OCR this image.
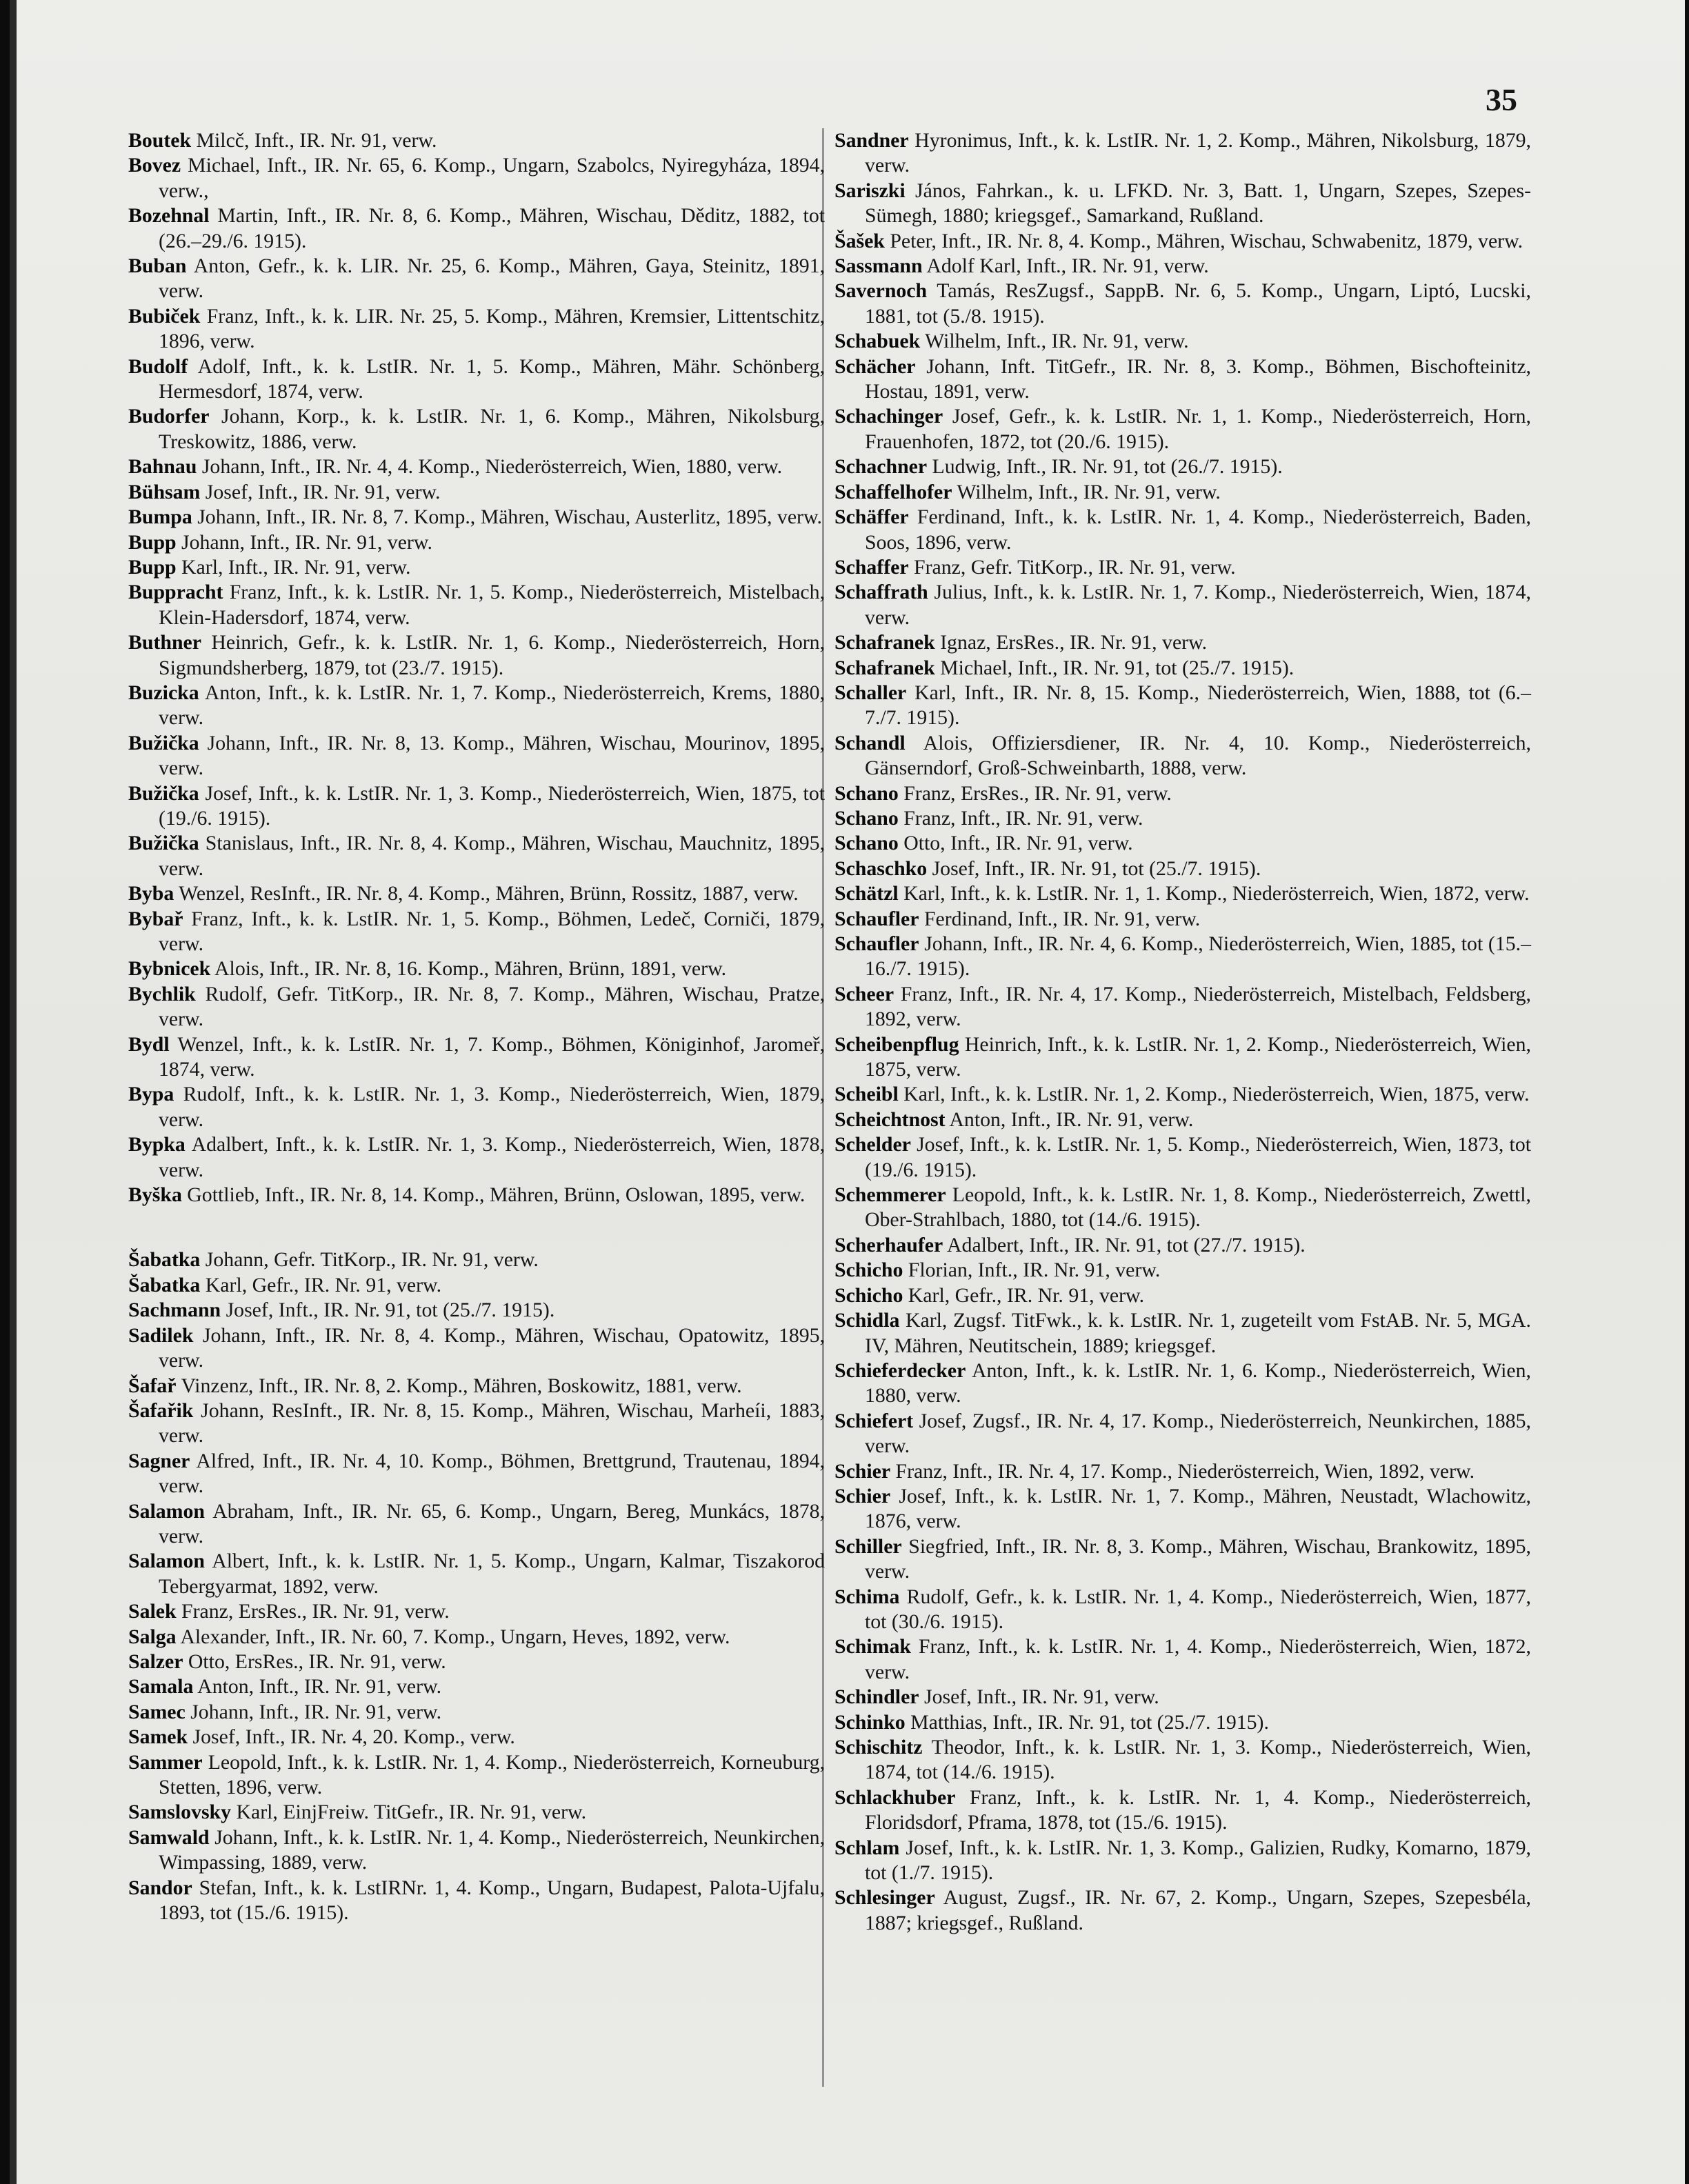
35
Boutek Milcč, Inft., IR. Nr. 91, verw.
Bovez Michael, Inft., IR. Nr. 65, 6. Komp., Ungarn, Szabolcs, Nyiregyháza, 1894, verw.,
Bozehnal Martin, Inft., IR. Nr. 8, 6. Komp., Mähren, Wischau, Děditz, 1882, tot (26.–29./6. 1915).
Buban Anton, Gefr., k. k. LIR. Nr. 25, 6. Komp., Mähren, Gaya, Steinitz, 1891, verw.
Bubiček Franz, Inft., k. k. LIR. Nr. 25, 5. Komp., Mähren, Kremsier, Littentschitz, 1896, verw.
Budolf Adolf, Inft., k. k. LstIR. Nr. 1, 5. Komp., Mähren, Mähr. Schönberg, Hermesdorf, 1874, verw.
Budorfer Johann, Korp., k. k. LstIR. Nr. 1, 6. Komp., Mähren, Nikolsburg, Treskowitz, 1886, verw.
Bahnau Johann, Inft., IR. Nr. 4, 4. Komp., Niederösterreich, Wien, 1880, verw.
Bühsam Josef, Inft., IR. Nr. 91, verw.
Bumpa Johann, Inft., IR. Nr. 8, 7. Komp., Mähren, Wischau, Austerlitz, 1895, verw.
Bupp Johann, Inft., IR. Nr. 91, verw.
Bupp Karl, Inft., IR. Nr. 91, verw.
Buppracht Franz, Inft., k. k. LstIR. Nr. 1, 5. Komp., Niederösterreich, Mistelbach, Klein-Hadersdorf, 1874, verw.
Buthner Heinrich, Gefr., k. k. LstIR. Nr. 1, 6. Komp., Niederösterreich, Horn, Sigmundsherberg, 1879, tot (23./7. 1915).
Buzicka Anton, Inft., k. k. LstIR. Nr. 1, 7. Komp., Niederösterreich, Krems, 1880, verw.
Bužička Johann, Inft., IR. Nr. 8, 13. Komp., Mähren, Wischau, Mourinov, 1895, verw.
Bužička Josef, Inft., k. k. LstIR. Nr. 1, 3. Komp., Niederösterreich, Wien, 1875, tot (19./6. 1915).
Bužička Stanislaus, Inft., IR. Nr. 8, 4. Komp., Mähren, Wischau, Mauchnitz, 1895, verw.
Byba Wenzel, ResInft., IR. Nr. 8, 4. Komp., Mähren, Brünn, Rossitz, 1887, verw.
Bybař Franz, Inft., k. k. LstIR. Nr. 1, 5. Komp., Böhmen, Ledeč, Corniči, 1879, verw.
Bybnicek Alois, Inft., IR. Nr. 8, 16. Komp., Mähren, Brünn, 1891, verw.
Bychlik Rudolf, Gefr. TitKorp., IR. Nr. 8, 7. Komp., Mähren, Wischau, Pratze, verw.
Bydl Wenzel, Inft., k. k. LstIR. Nr. 1, 7. Komp., Böhmen, Königinhof, Jaromeř, 1874, verw.
Bypa Rudolf, Inft., k. k. LstIR. Nr. 1, 3. Komp., Niederösterreich, Wien, 1879, verw.
Bypka Adalbert, Inft., k. k. LstIR. Nr. 1, 3. Komp., Niederösterreich, Wien, 1878, verw.
Byška Gottlieb, Inft., IR. Nr. 8, 14. Komp., Mähren, Brünn, Oslowan, 1895, verw.
Šabatka Johann, Gefr. TitKorp., IR. Nr. 91, verw.
Šabatka Karl, Gefr., IR. Nr. 91, verw.
Sachmann Josef, Inft., IR. Nr. 91, tot (25./7. 1915).
Sadilek Johann, Inft., IR. Nr. 8, 4. Komp., Mähren, Wischau, Opatowitz, 1895, verw.
Šafař Vinzenz, Inft., IR. Nr. 8, 2. Komp., Mähren, Boskowitz, 1881, verw.
Šafařik Johann, ResInft., IR. Nr. 8, 15. Komp., Mähren, Wischau, Marheíi, 1883, verw.
Sagner Alfred, Inft., IR. Nr. 4, 10. Komp., Böhmen, Brettgrund, Trautenau, 1894, verw.
Salamon Abraham, Inft., IR. Nr. 65, 6. Komp., Ungarn, Bereg, Munkács, 1878, verw.
Salamon Albert, Inft., k. k. LstIR. Nr. 1, 5. Komp., Ungarn, Kalmar, Tiszakorod Tebergyarmat, 1892, verw.
Salek Franz, ErsRes., IR. Nr. 91, verw.
Salga Alexander, Inft., IR. Nr. 60, 7. Komp., Ungarn, Heves, 1892, verw.
Salzer Otto, ErsRes., IR. Nr. 91, verw.
Samala Anton, Inft., IR. Nr. 91, verw.
Samec Johann, Inft., IR. Nr. 91, verw.
Samek Josef, Inft., IR. Nr. 4, 20. Komp., verw.
Sammer Leopold, Inft., k. k. LstIR. Nr. 1, 4. Komp., Niederösterreich, Korneuburg, Stetten, 1896, verw.
Samslovsky Karl, EinjFreiw. TitGefr., IR. Nr. 91, verw.
Samwald Johann, Inft., k. k. LstIR. Nr. 1, 4. Komp., Niederösterreich, Neunkirchen, Wimpassing, 1889, verw.
Sandor Stefan, Inft., k. k. LstIRNr. 1, 4. Komp., Ungarn, Budapest, Palota-Ujfalu, 1893, tot (15./6. 1915).
Sandner Hyronimus, Inft., k. k. LstIR. Nr. 1, 2. Komp., Mähren, Nikolsburg, 1879, verw.
Sariszki János, Fahrkan., k. u. LFKD. Nr. 3, Batt. 1, Ungarn, Szepes, Szepes-Sümegh, 1880; kriegsgef., Samarkand, Rußland.
Šašek Peter, Inft., IR. Nr. 8, 4. Komp., Mähren, Wischau, Schwabenitz, 1879, verw.
Sassmann Adolf Karl, Inft., IR. Nr. 91, verw.
Savernoch Tamás, ResZugsf., SappB. Nr. 6, 5. Komp., Ungarn, Liptó, Lucski, 1881, tot (5./8. 1915).
Schabuek Wilhelm, Inft., IR. Nr. 91, verw.
Schächer Johann, Inft. TitGefr., IR. Nr. 8, 3. Komp., Böhmen, Bischofteinitz, Hostau, 1891, verw.
Schachinger Josef, Gefr., k. k. LstIR. Nr. 1, 1. Komp., Niederösterreich, Horn, Frauenhofen, 1872, tot (20./6. 1915).
Schachner Ludwig, Inft., IR. Nr. 91, tot (26./7. 1915).
Schaffelhofer Wilhelm, Inft., IR. Nr. 91, verw.
Schäffer Ferdinand, Inft., k. k. LstIR. Nr. 1, 4. Komp., Niederösterreich, Baden, Soos, 1896, verw.
Schaffer Franz, Gefr. TitKorp., IR. Nr. 91, verw.
Schaffrath Julius, Inft., k. k. LstIR. Nr. 1, 7. Komp., Niederösterreich, Wien, 1874, verw.
Schafranek Ignaz, ErsRes., IR. Nr. 91, verw.
Schafranek Michael, Inft., IR. Nr. 91, tot (25./7. 1915).
Schaller Karl, Inft., IR. Nr. 8, 15. Komp., Niederösterreich, Wien, 1888, tot (6.–7./7. 1915).
Schandl Alois, Offiziersdiener, IR. Nr. 4, 10. Komp., Niederösterreich, Gänserndorf, Groß-Schweinbarth, 1888, verw.
Schano Franz, ErsRes., IR. Nr. 91, verw.
Schano Franz, Inft., IR. Nr. 91, verw.
Schano Otto, Inft., IR. Nr. 91, verw.
Schaschko Josef, Inft., IR. Nr. 91, tot (25./7. 1915).
Schätzl Karl, Inft., k. k. LstIR. Nr. 1, 1. Komp., Niederösterreich, Wien, 1872, verw.
Schaufler Ferdinand, Inft., IR. Nr. 91, verw.
Schaufler Johann, Inft., IR. Nr. 4, 6. Komp., Niederösterreich, Wien, 1885, tot (15.–16./7. 1915).
Scheer Franz, Inft., IR. Nr. 4, 17. Komp., Niederösterreich, Mistelbach, Feldsberg, 1892, verw.
Scheibenpflug Heinrich, Inft., k. k. LstIR. Nr. 1, 2. Komp., Niederösterreich, Wien, 1875, verw.
Scheibl Karl, Inft., k. k. LstIR. Nr. 1, 2. Komp., Niederösterreich, Wien, 1875, verw.
Scheichtnost Anton, Inft., IR. Nr. 91, verw.
Schelder Josef, Inft., k. k. LstIR. Nr. 1, 5. Komp., Niederösterreich, Wien, 1873, tot (19./6. 1915).
Schemmerer Leopold, Inft., k. k. LstIR. Nr. 1, 8. Komp., Niederösterreich, Zwettl, Ober-Strahlbach, 1880, tot (14./6. 1915).
Scherhaufer Adalbert, Inft., IR. Nr. 91, tot (27./7. 1915).
Schicho Florian, Inft., IR. Nr. 91, verw.
Schicho Karl, Gefr., IR. Nr. 91, verw.
Schidla Karl, Zugsf. TitFwk., k. k. LstIR. Nr. 1, zugeteilt vom FstAB. Nr. 5, MGA. IV, Mähren, Neutitschein, 1889; kriegsgef.
Schieferdecker Anton, Inft., k. k. LstIR. Nr. 1, 6. Komp., Niederösterreich, Wien, 1880, verw.
Schiefert Josef, Zugsf., IR. Nr. 4, 17. Komp., Niederösterreich, Neunkirchen, 1885, verw.
Schier Franz, Inft., IR. Nr. 4, 17. Komp., Niederösterreich, Wien, 1892, verw.
Schier Josef, Inft., k. k. LstIR. Nr. 1, 7. Komp., Mähren, Neustadt, Wlachowitz, 1876, verw.
Schiller Siegfried, Inft., IR. Nr. 8, 3. Komp., Mähren, Wischau, Brankowitz, 1895, verw.
Schima Rudolf, Gefr., k. k. LstIR. Nr. 1, 4. Komp., Niederösterreich, Wien, 1877, tot (30./6. 1915).
Schimak Franz, Inft., k. k. LstIR. Nr. 1, 4. Komp., Niederösterreich, Wien, 1872, verw.
Schindler Josef, Inft., IR. Nr. 91, verw.
Schinko Matthias, Inft., IR. Nr. 91, tot (25./7. 1915).
Schischitz Theodor, Inft., k. k. LstIR. Nr. 1, 3. Komp., Niederösterreich, Wien, 1874, tot (14./6. 1915).
Schlackhuber Franz, Inft., k. k. LstIR. Nr. 1, 4. Komp., Niederösterreich, Floridsdorf, Pframa, 1878, tot (15./6. 1915).
Schlam Josef, Inft., k. k. LstIR. Nr. 1, 3. Komp., Galizien, Rudky, Komarno, 1879, tot (1./7. 1915).
Schlesinger August, Zugsf., IR. Nr. 67, 2. Komp., Ungarn, Szepes, Szepesbéla, 1887; kriegsgef., Rußland.
